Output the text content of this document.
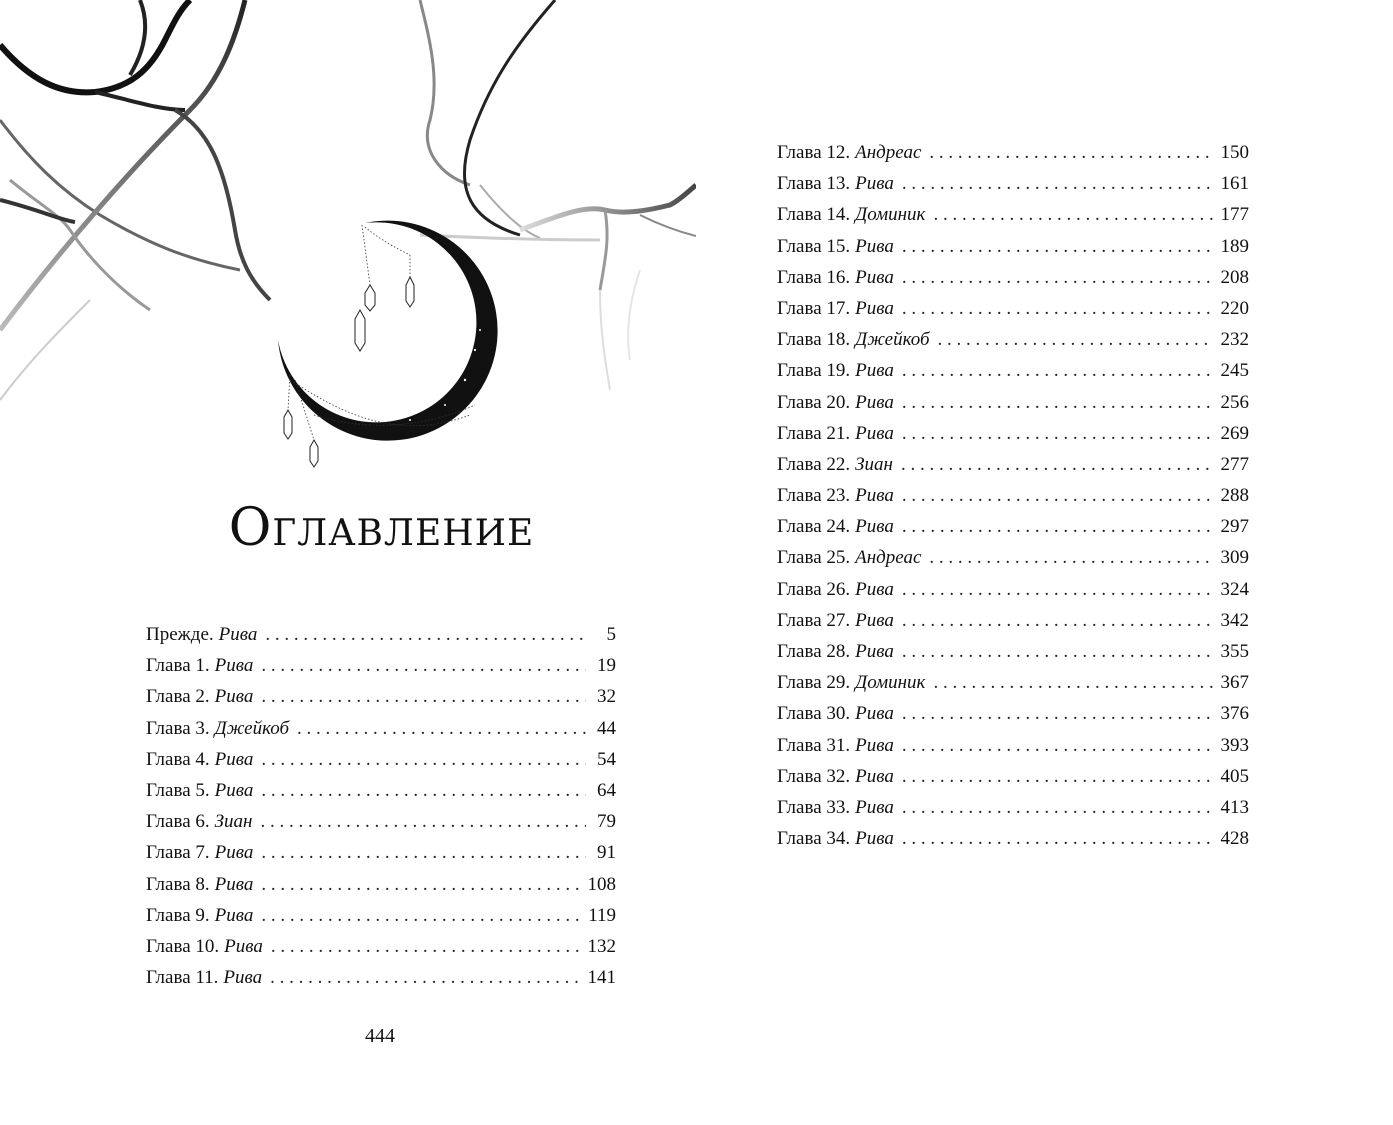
Оглавление
Прежде. Рива . . .	5
Глава 1. Рива . . .	19
Глава 2. Рива . . .	32
Глава 3. Джейкоб . . .	44
Глава 4. Рива . . .	54
Глава 5. Рива . . .	64
Глава 6. Зиан . . .	79
Глава 7. Рива . . .	91
Глава 8. Рива . . .	108
Глава 9. Рива . . .	119
Глава 10. Рива . . .	132
Глава 11. Рива . . .	141
444
Глава 12. Андреас . . .	150
Глава 13. Рива . . .	161
Глава 14. Доминик . . .	177
Глава 15. Рива . . .	189
Глава 16. Рива . . .	208
Глава 17. Рива . . .	220
Глава 18. Джейкоб . . .	232
Глава 19. Рива . . .	245
Глава 20. Рива . . .	256
Глава 21. Рива . . .	269
Глава 22. Зиан . . .	277
Глава 23. Рива . . .	288
Глава 24. Рива . . .	297
Глава 25. Андреас . . .	309
Глава 26. Рива . . .	324
Глава 27. Рива . . .	342
Глава 28. Рива . . .	355
Глава 29. Доминик . . .	367
Глава 30. Рива . . .	376
Глава 31. Рива . . .	393
Глава 32. Рива . . .	405
Глава 33. Рива . . .	413
Глава 34. Рива . . .	428
